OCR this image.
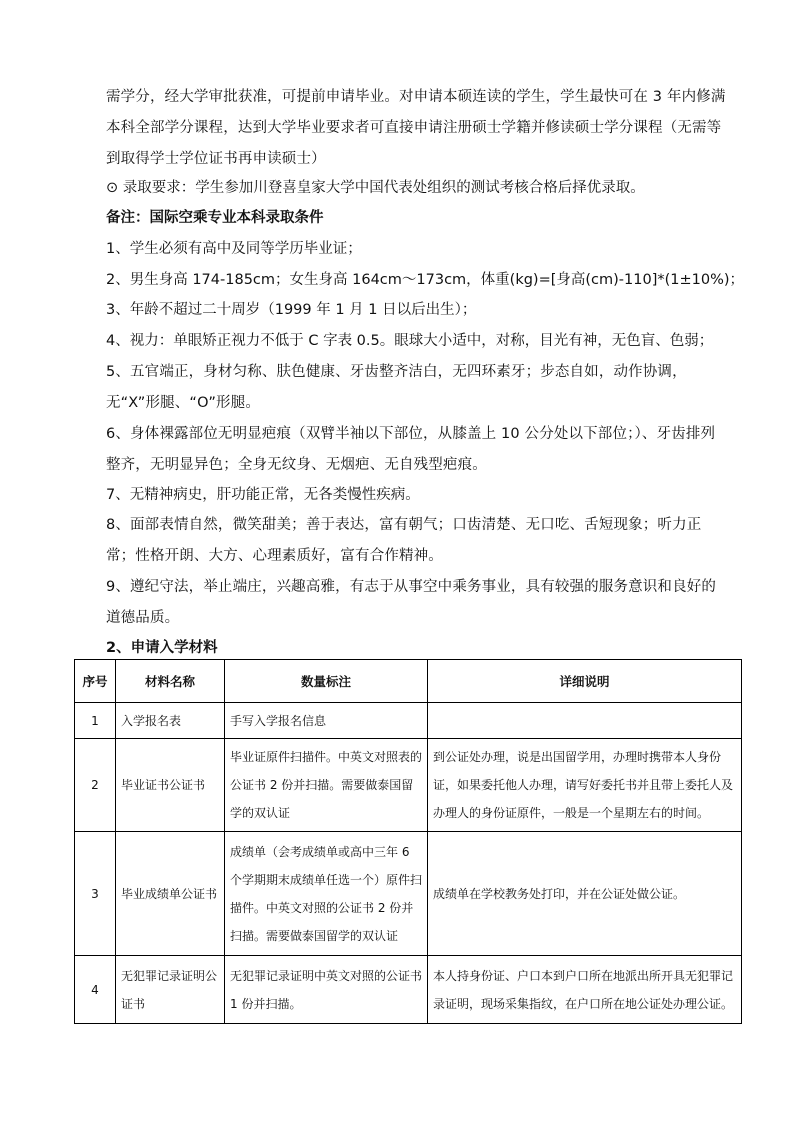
需学分，经大学审批获准，可提前申请毕业。对申请本硕连读的学生，学生最快可在 3 年内修满本科全部学分课程，达到大学毕业要求者可直接申请注册硕士学籍并修读硕士学分课程（无需等到取得学士学位证书再申读硕士）
⊙ 录取要求：学生参加川登喜皇家大学中国代表处组织的测试考核合格后择优录取。
备注：国际空乘专业本科录取条件
1、学生必须有高中及同等学历毕业证；
2、男生身高 174-185cm；女生身高 164cm～173cm，体重(kg)=[身高(cm)-110]*(1±10%)；
3、年龄不超过二十周岁（1999 年 1 月 1 日以后出生）；
4、视力：单眼矫正视力不低于 C 字表 0.5。眼球大小适中，对称，目光有神，无色盲、色弱；
5、五官端正，身材匀称、肤色健康、牙齿整齐洁白，无四环素牙；步态自如，动作协调，无“X”形腿、“O”形腿。
6、身体裸露部位无明显疤痕（双臂半袖以下部位，从膝盖上 10 公分处以下部位；）、牙齿排列整齐，无明显异色；全身无纹身、无烟疤、无自残型疤痕。
7、无精神病史，肝功能正常，无各类慢性疾病。
8、面部表情自然，微笑甜美；善于表达，富有朝气；口齿清楚、无口吃、舌短现象；听力正常；性格开朗、大方、心理素质好，富有合作精神。
9、遵纪守法，举止端庄，兴趣高雅，有志于从事空中乘务事业，具有较强的服务意识和良好的道德品质。
2、申请入学材料
序号	材料名称	数量标注	详细说明
1	入学报名表	手写入学报名信息	
2	毕业证书公证书	毕业证原件扫描件。中英文对照表的公证书 2 份并扫描。需要做泰国留学的双认证	到公证处办理，说是出国留学用，办理时携带本人身份证，如果委托他人办理，请写好委托书并且带上委托人及办理人的身份证原件，一般是一个星期左右的时间。
3	毕业成绩单公证书	成绩单（会考成绩单或高中三年 6 个学期期末成绩单任选一个）原件扫描件。中英文对照的公证书 2 份并扫描。需要做泰国留学的双认证	成绩单在学校教务处打印，并在公证处做公证。
4	无犯罪记录证明公证书	无犯罪记录证明中英文对照的公证书 1 份并扫描。	本人持身份证、户口本到户口所在地派出所开具无犯罪记录证明，现场采集指纹，在户口所在地公证处办理公证。
